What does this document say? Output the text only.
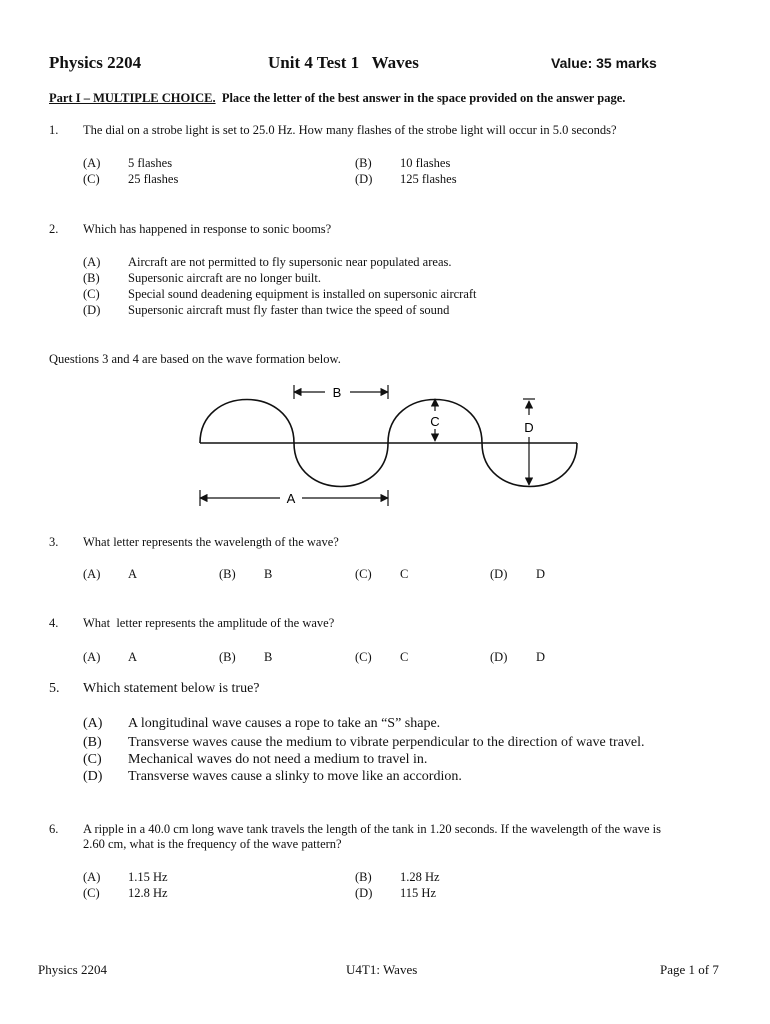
Physics 2204	Unit 4 Test 1   Waves	Value: 35 marks
Part I – MULTIPLE CHOICE.  Place the letter of the best answer in the space provided on the answer page.
1. The dial on a strobe light is set to 25.0 Hz. How many flashes of the strobe light will occur in 5.0 seconds?
(A) 5 flashes	(B) 10 flashes
(C) 25 flashes	(D) 125 flashes
2. Which has happened in response to sonic booms?
(A) Aircraft are not permitted to fly supersonic near populated areas.
(B) Supersonic aircraft are no longer built.
(C) Special sound deadening equipment is installed on supersonic aircraft
(D) Supersonic aircraft must fly faster than twice the speed of sound
Questions 3 and 4 are based on the wave formation below.
B
C	D
A
3. What letter represents the wavelength of the wave?
(A) A	(B) B	(C) C	(D) D
4. What  letter represents the amplitude of the wave?
(A) A	(B) B	(C) C	(D) D
5. Which statement below is true?
(A) A longitudinal wave causes a rope to take an “S” shape.
(B) Transverse waves cause the medium to vibrate perpendicular to the direction of wave travel.
(C) Mechanical waves do not need a medium to travel in.
(D) Transverse waves cause a slinky to move like an accordion.
6. A ripple in a 40.0 cm long wave tank travels the length of the tank in 1.20 seconds. If the wavelength of the wave is
2.60 cm, what is the frequency of the wave pattern?
(A) 1.15 Hz	(B) 1.28 Hz
(C) 12.8 Hz	(D) 115 Hz
Physics 2204	U4T1: Waves	Page 1 of 7
